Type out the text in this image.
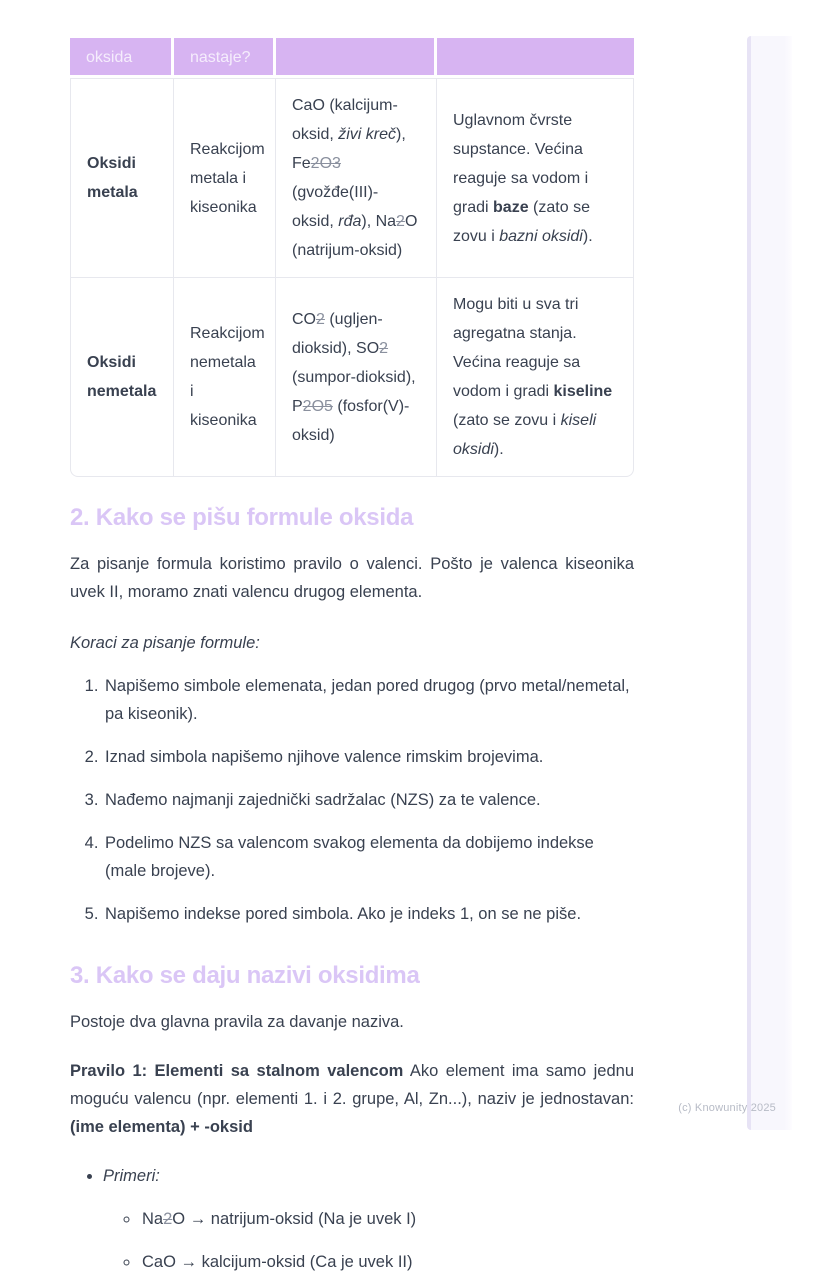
(c) Knowunity 2025
oksida	nastaje?		
Oksidi metala	Reakcijom metala i kiseonika	CaO (kalcijum-oksid, živi kreč), Fe2O3 (gvožđe(III)-oksid, rđa), Na2O (natrijum-oksid)	Uglavnom čvrste supstance. Većina reaguje sa vodom i gradi baze (zato se zovu i bazni oksidi).
Oksidi nemetala	Reakcijom nemetala i kiseonika	CO2 (ugljen-dioksid), SO2 (sumpor-dioksid), P2O5 (fosfor(V)-oksid)	Mogu biti u sva tri agregatna stanja. Većina reaguje sa vodom i gradi kiseline (zato se zovu i kiseli oksidi).
2. Kako se pišu formule oksida

Za pisanje formula koristimo pravilo o valenci. Pošto je valenca kiseonika uvek II, moramo znati valencu drugog elementa.

Koraci za pisanje formule:

1. Napišemo simbole elemenata, jedan pored drugog (prvo metal/nemetal, pa kiseonik).
2. Iznad simbola napišemo njihove valence rimskim brojevima.
3. Nađemo najmanji zajednički sadržalac (NZS) za te valence.
4. Podelimo NZS sa valencom svakog elementa da dobijemo indekse (male brojeve).
5. Napišemo indekse pored simbola. Ako je indeks 1, on se ne piše.
3. Kako se daju nazivi oksidima

Postoje dva glavna pravila za davanje naziva.

Pravilo 1: Elementi sa stalnom valencom Ako element ima samo jednu moguću valencu (npr. elementi 1. i 2. grupe, Al, Zn...), naziv je jednostavan: (ime elementa) + -oksid

• Primeri:
◦ Na2O → natrijum-oksid (Na je uvek I)
◦ CaO → kalcijum-oksid (Ca je uvek II)
